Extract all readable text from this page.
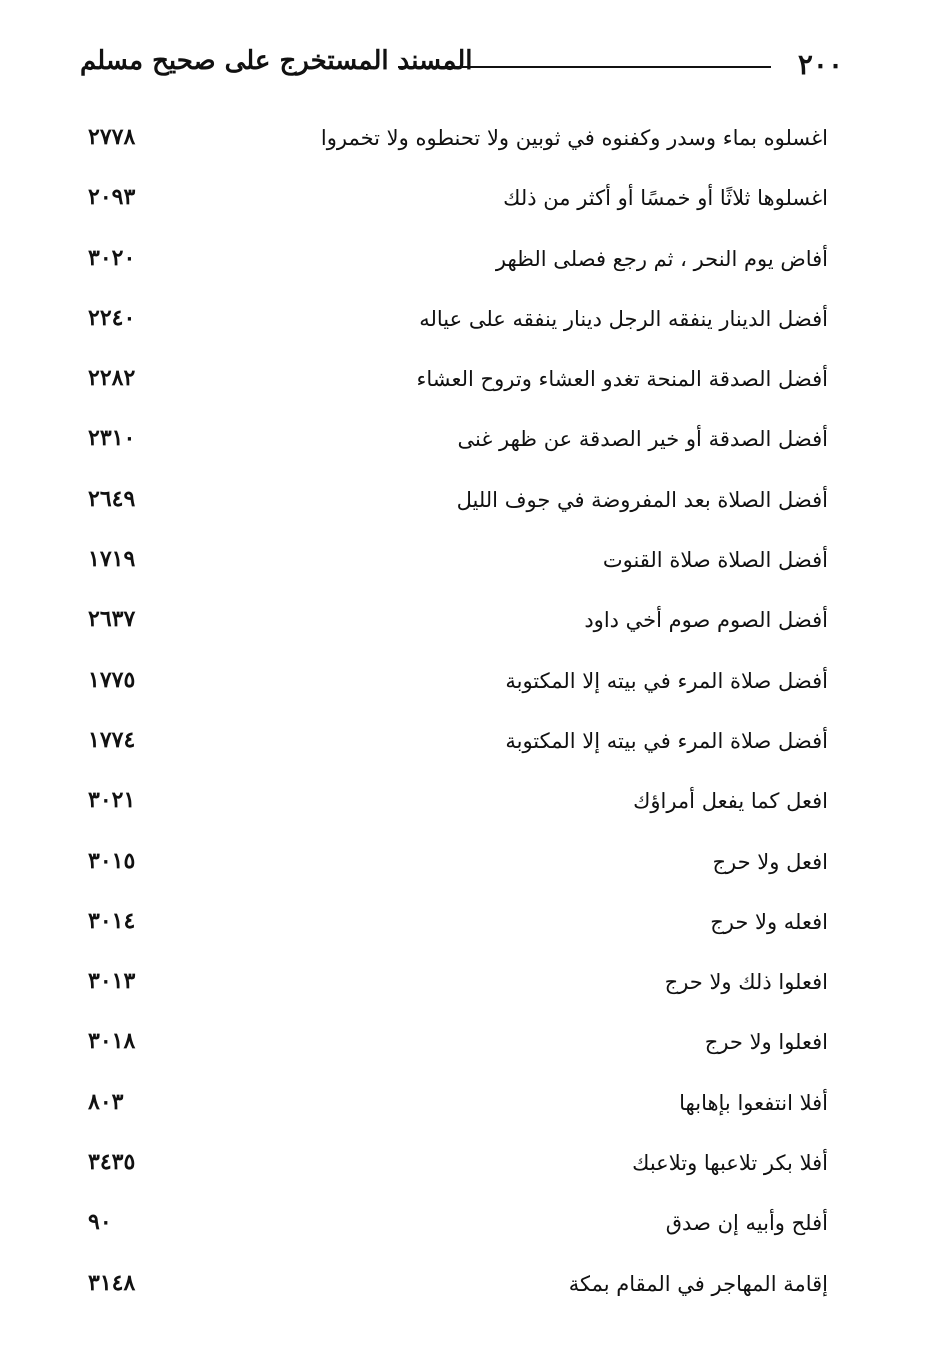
٢٠٠
المسند المستخرج على صحيح مسلم
اغسلوه بماء وسدر وكفنوه في ثوبين ولا تحنطوه ولا تخمروا
٢٧٧٨
اغسلوها ثلاثًا أو خمسًا أو أكثر من ذلك
٢٠٩٣
أفاض يوم النحر ، ثم رجع فصلى الظهر
٣٠٢٠
أفضل الدينار ينفقه الرجل دينار ينفقه على عياله
٢٢٤٠
أفضل الصدقة المنحة تغدو العشاء وتروح العشاء
٢٢٨٢
أفضل الصدقة أو خير الصدقة عن ظهر غنى
٢٣١٠
أفضل الصلاة بعد المفروضة في جوف الليل
٢٦٤٩
أفضل الصلاة صلاة القنوت
١٧١٩
أفضل الصوم صوم أخي داود
٢٦٣٧
أفضل صلاة المرء في بيته إلا المكتوبة
١٧٧٥
أفضل صلاة المرء في بيته إلا المكتوبة
١٧٧٤
افعل كما يفعل أمراؤك
٣٠٢١
افعل ولا حرج
٣٠١٥
افعله ولا حرج
٣٠١٤
افعلوا ذلك ولا حرج
٣٠١٣
افعلوا ولا حرج
٣٠١٨
أفلا انتفعوا بإهابها
٨٠٣
أفلا بكر تلاعبها وتلاعبك
٣٤٣٥
أفلح وأبيه إن صدق
٩٠
إقامة المهاجر في المقام بمكة
٣١٤٨
